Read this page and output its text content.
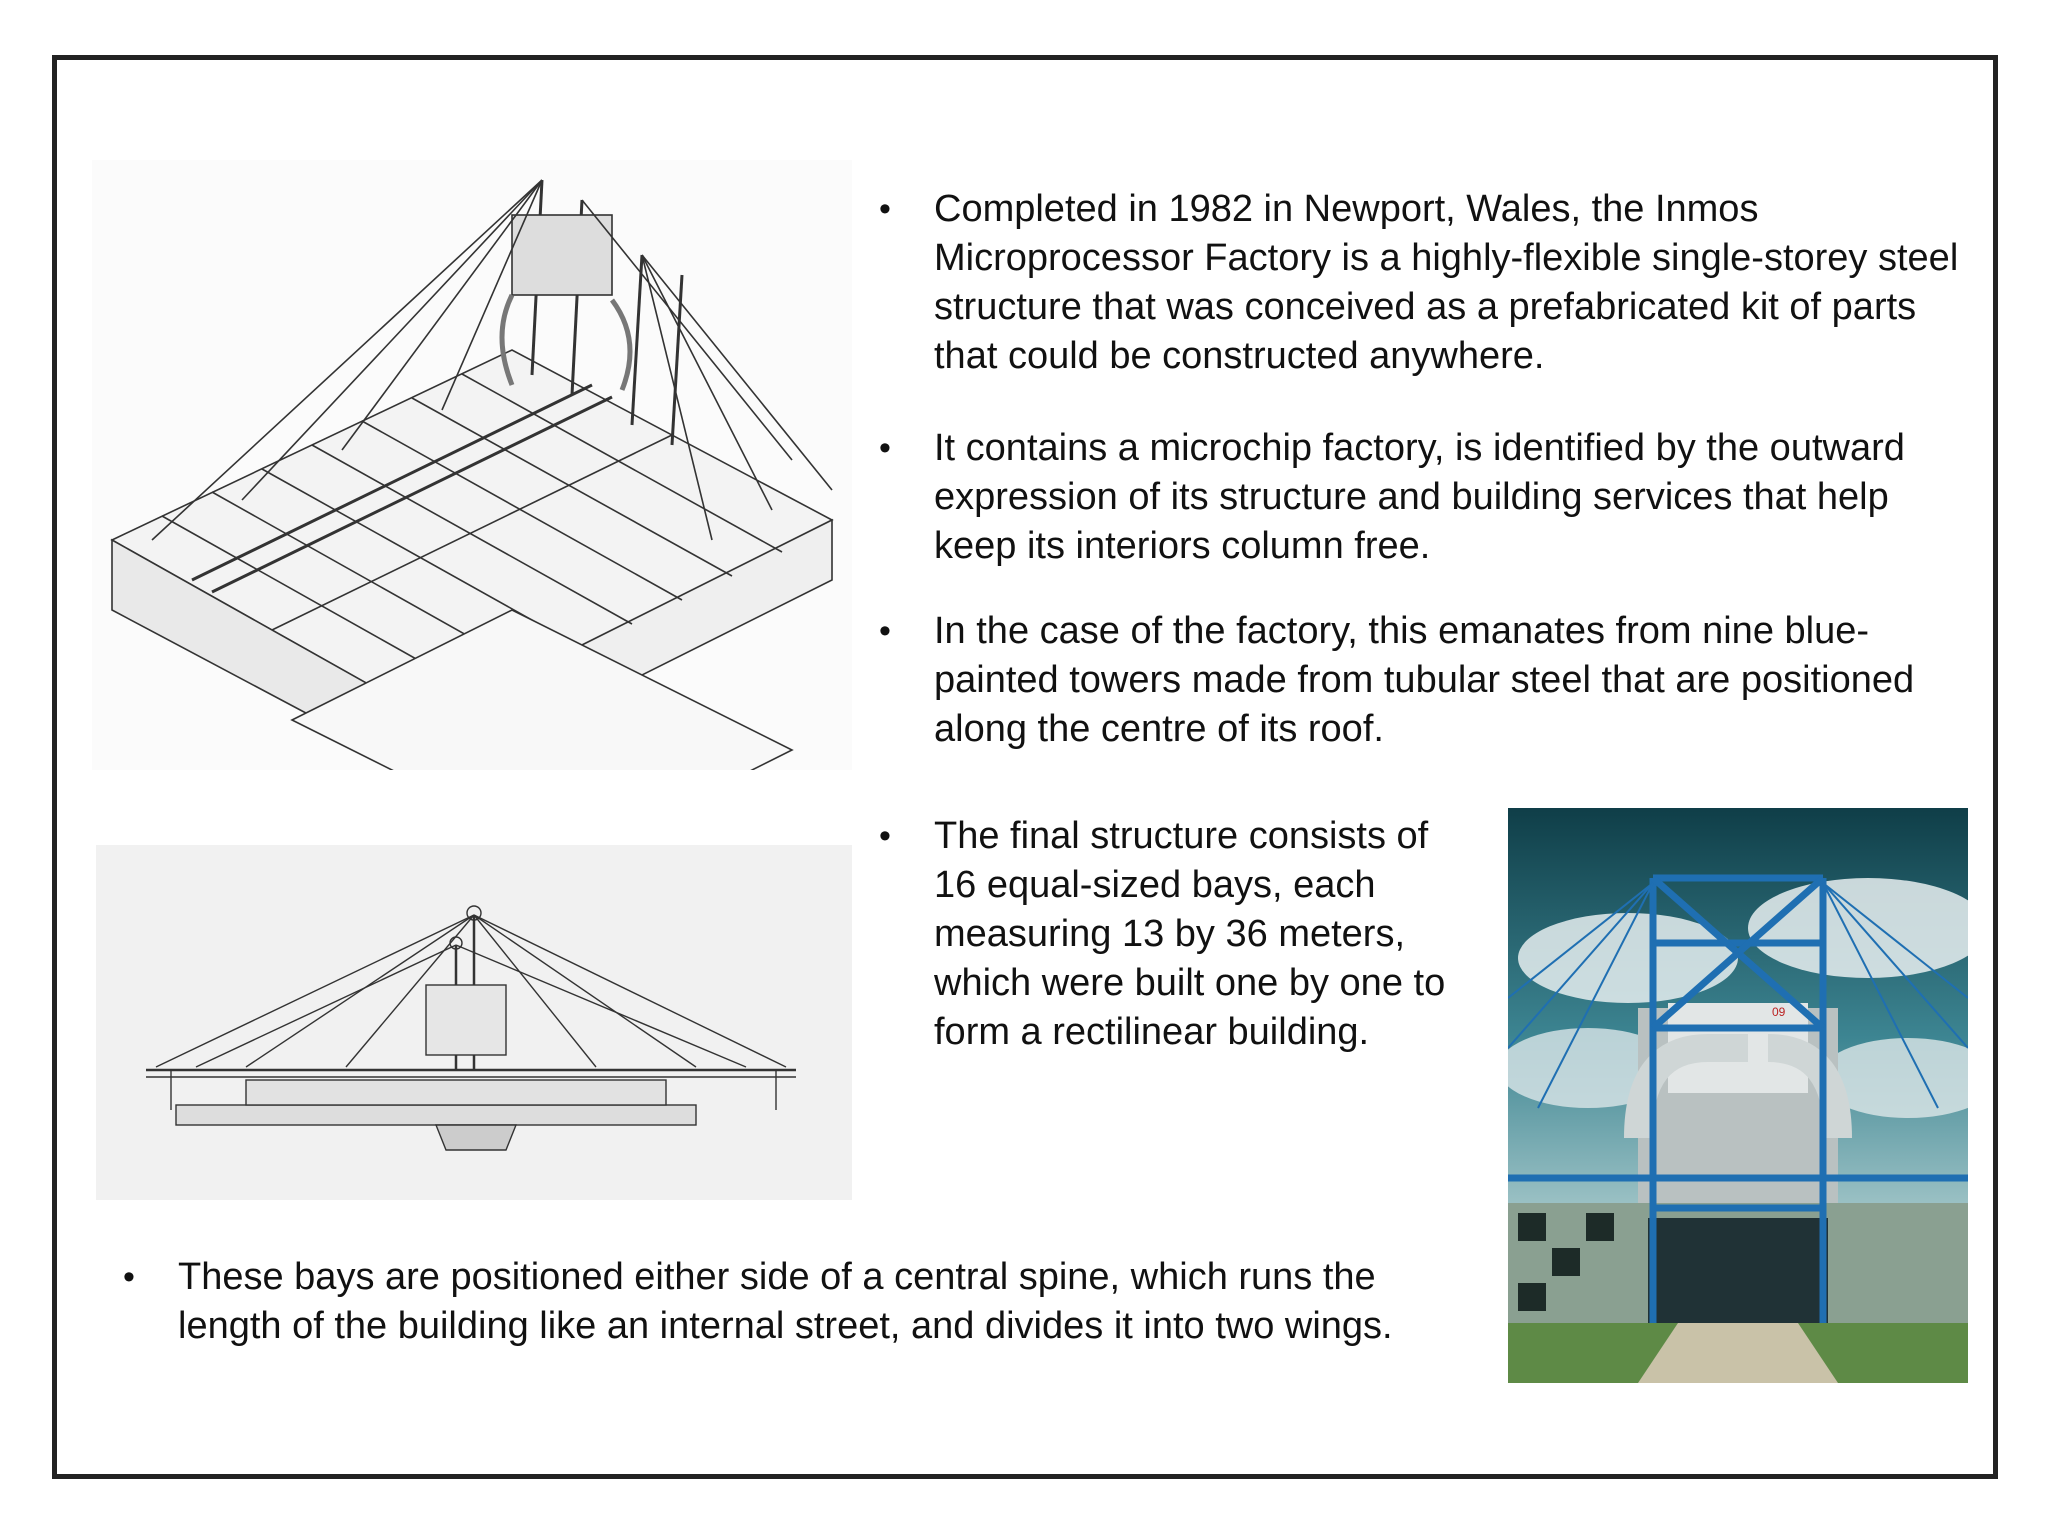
09
• Completed in 1982 in Newport, Wales, the Inmos Microprocessor Factory is a highly-flexible single-storey steel structure that was conceived as a prefabricated kit of parts that could be constructed anywhere.
• It contains a microchip factory, is identified by the outward expression of its structure and building services that help keep its interiors column free.
• In the case of the factory, this emanates from nine blue-painted towers made from tubular steel that are positioned along the centre of its roof.
• The final structure consists of 16 equal-sized bays, each measuring 13 by 36 meters, which were built one by one to form a rectilinear building.
• These bays are positioned either side of a central spine, which runs the length of the building like an internal street, and divides it into two wings.
